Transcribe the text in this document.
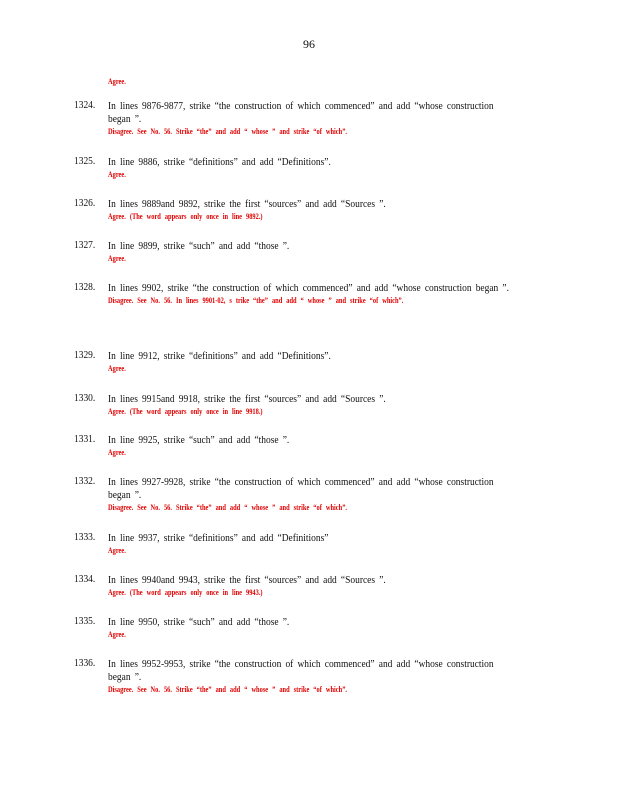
96
Agree.
1324. In lines 9876-9877, strike “the construction of which commenced” and add “whose construction began ”.
Disagree. See No. 56. Strike “the” and add “ whose ” and strike “of which”.
1325. In line 9886, strike “definitions” and add “Definitions”.
Agree.
1326. In lines 9889and 9892, strike the first “sources” and add “Sources ”.
Agree. (The word appears only once in line 9892.)
1327. In line 9899, strike “such” and add “those ”.
Agree.
1328. In lines 9902, strike “the construction of which commenced” and add “whose construction began ”.
Disagree. See No. 56. In lines 9901-02, s trike “the” and add “ whose ” and strike “of which”.
1329. In line 9912, strike “definitions” and add “Definitions”.
Agree.
1330. In lines 9915and 9918, strike the first “sources” and add “Sources ”.
Agree. (The word appears only once in line 9918.)
1331. In line 9925, strike “such” and add “those ”.
Agree.
1332. In lines 9927-9928, strike “the construction of which commenced” and add “whose construction began ”.
Disagree. See No. 56. Strike “the” and add “ whose ” and strike “of which”.
1333. In line 9937, strike “definitions” and add “Definitions”
Agree.
1334. In lines 9940and 9943, strike the first “sources” and add “Sources ”.
Agree. (The word appears only once in line 9943.)
1335. In line 9950, strike “such” and add “those ”.
Agree.
1336. In lines 9952-9953, strike “the construction of which commenced” and add “whose construction began ”.
Disagree. See No. 56. Strike “the” and add “ whose ” and strike “of which”.
